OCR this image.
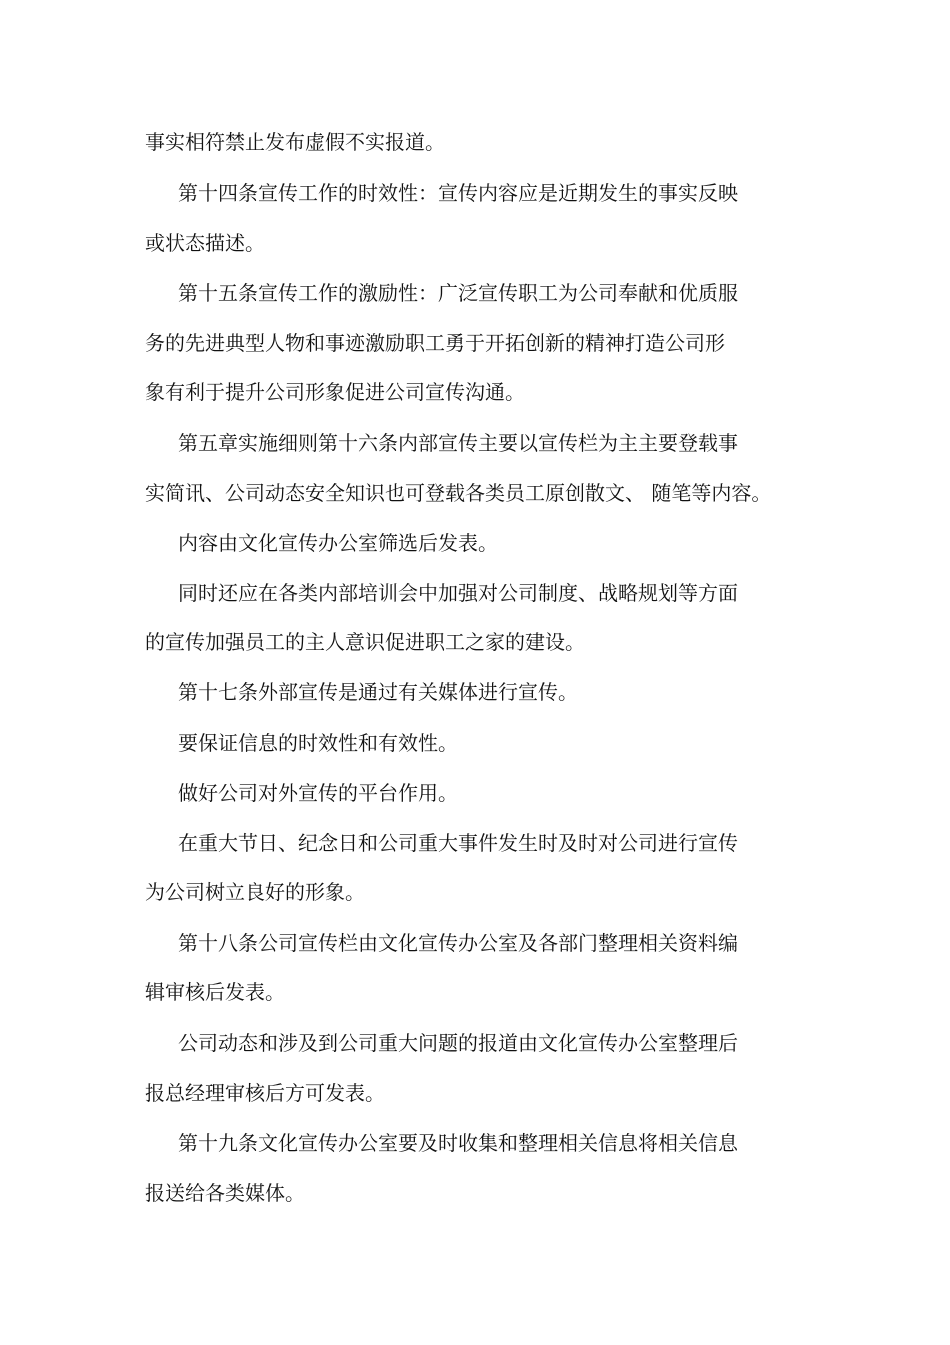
事实相符禁止发布虚假不实报道。
第十四条宣传工作的时效性：宣传内容应是近期发生的事实反映
或状态描述。
第十五条宣传工作的激励性：广泛宣传职工为公司奉献和优质服
务的先进典型人物和事迹激励职工勇于开拓创新的精神打造公司形
象有利于提升公司形象促进公司宣传沟通。
第五章实施细则第十六条内部宣传主要以宣传栏为主主要登载事
实简讯、公司动态安全知识也可登载各类员工原创散文、 随笔等内容。
内容由文化宣传办公室筛选后发表。
同时还应在各类内部培训会中加强对公司制度、战略规划等方面
的宣传加强员工的主人意识促进职工之家的建设。
第十七条外部宣传是通过有关媒体进行宣传。
要保证信息的时效性和有效性。
做好公司对外宣传的平台作用。
在重大节日、纪念日和公司重大事件发生时及时对公司进行宣传
为公司树立良好的形象。
第十八条公司宣传栏由文化宣传办公室及各部门整理相关资料编
辑审核后发表。
公司动态和涉及到公司重大问题的报道由文化宣传办公室整理后
报总经理审核后方可发表。
第十九条文化宣传办公室要及时收集和整理相关信息将相关信息
报送给各类媒体。
